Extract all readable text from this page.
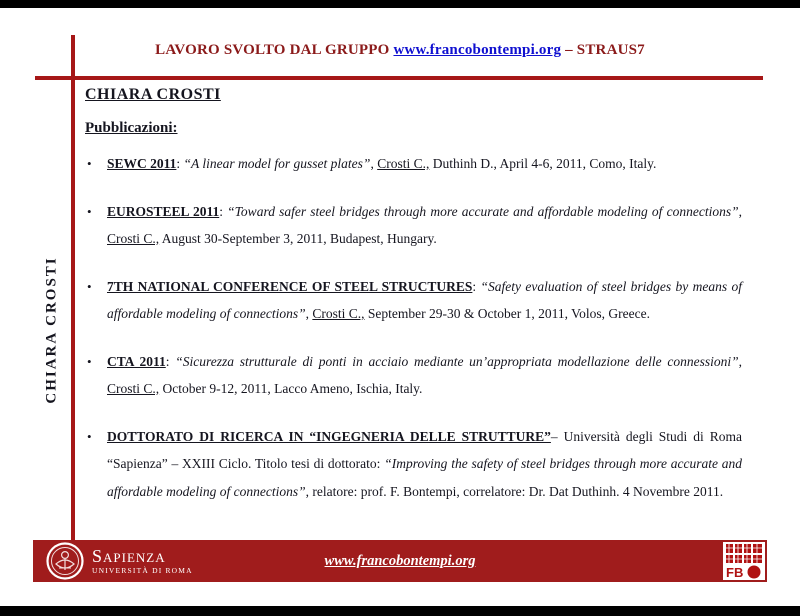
LAVORO SVOLTO DAL GRUPPO www.francobontempi.org – STRAUS7
CHIARA CROSTI
Pubblicazioni:
• SEWC 2011: “A linear model for gusset plates”, Crosti C., Duthinh D., April 4-6, 2011, Como, Italy.
• EUROSTEEL 2011: “Toward safer steel bridges through more accurate and affordable modeling of connections”, Crosti C., August 30-September 3, 2011, Budapest, Hungary.
• 7TH NATIONAL CONFERENCE OF STEEL STRUCTURES: “Safety evaluation of steel bridges by means of affordable modeling of connections”, Crosti C., September 29-30 & October 1, 2011, Volos, Greece.
• CTA 2011: “Sicurezza strutturale di ponti in acciaio mediante un’appropriata modellazione delle connessioni”, Crosti C., October 9-12, 2011, Lacco Ameno, Ischia, Italy.
• DOTTORATO DI RICERCA IN “INGEGNERIA DELLE STRUTTURE”– Università degli Studi di Roma “Sapienza” – XXIII Ciclo. Titolo tesi di dottorato: “Improving the safety of steel bridges through more accurate and affordable modeling of connections”, relatore: prof. F. Bontempi, correlatore: Dr. Dat Duthinh. 4 Novembre 2011.
CHIARA CROSTI
Sapienza
UNIVERSITÀ DI ROMA
www.francobontempi.org
FB
